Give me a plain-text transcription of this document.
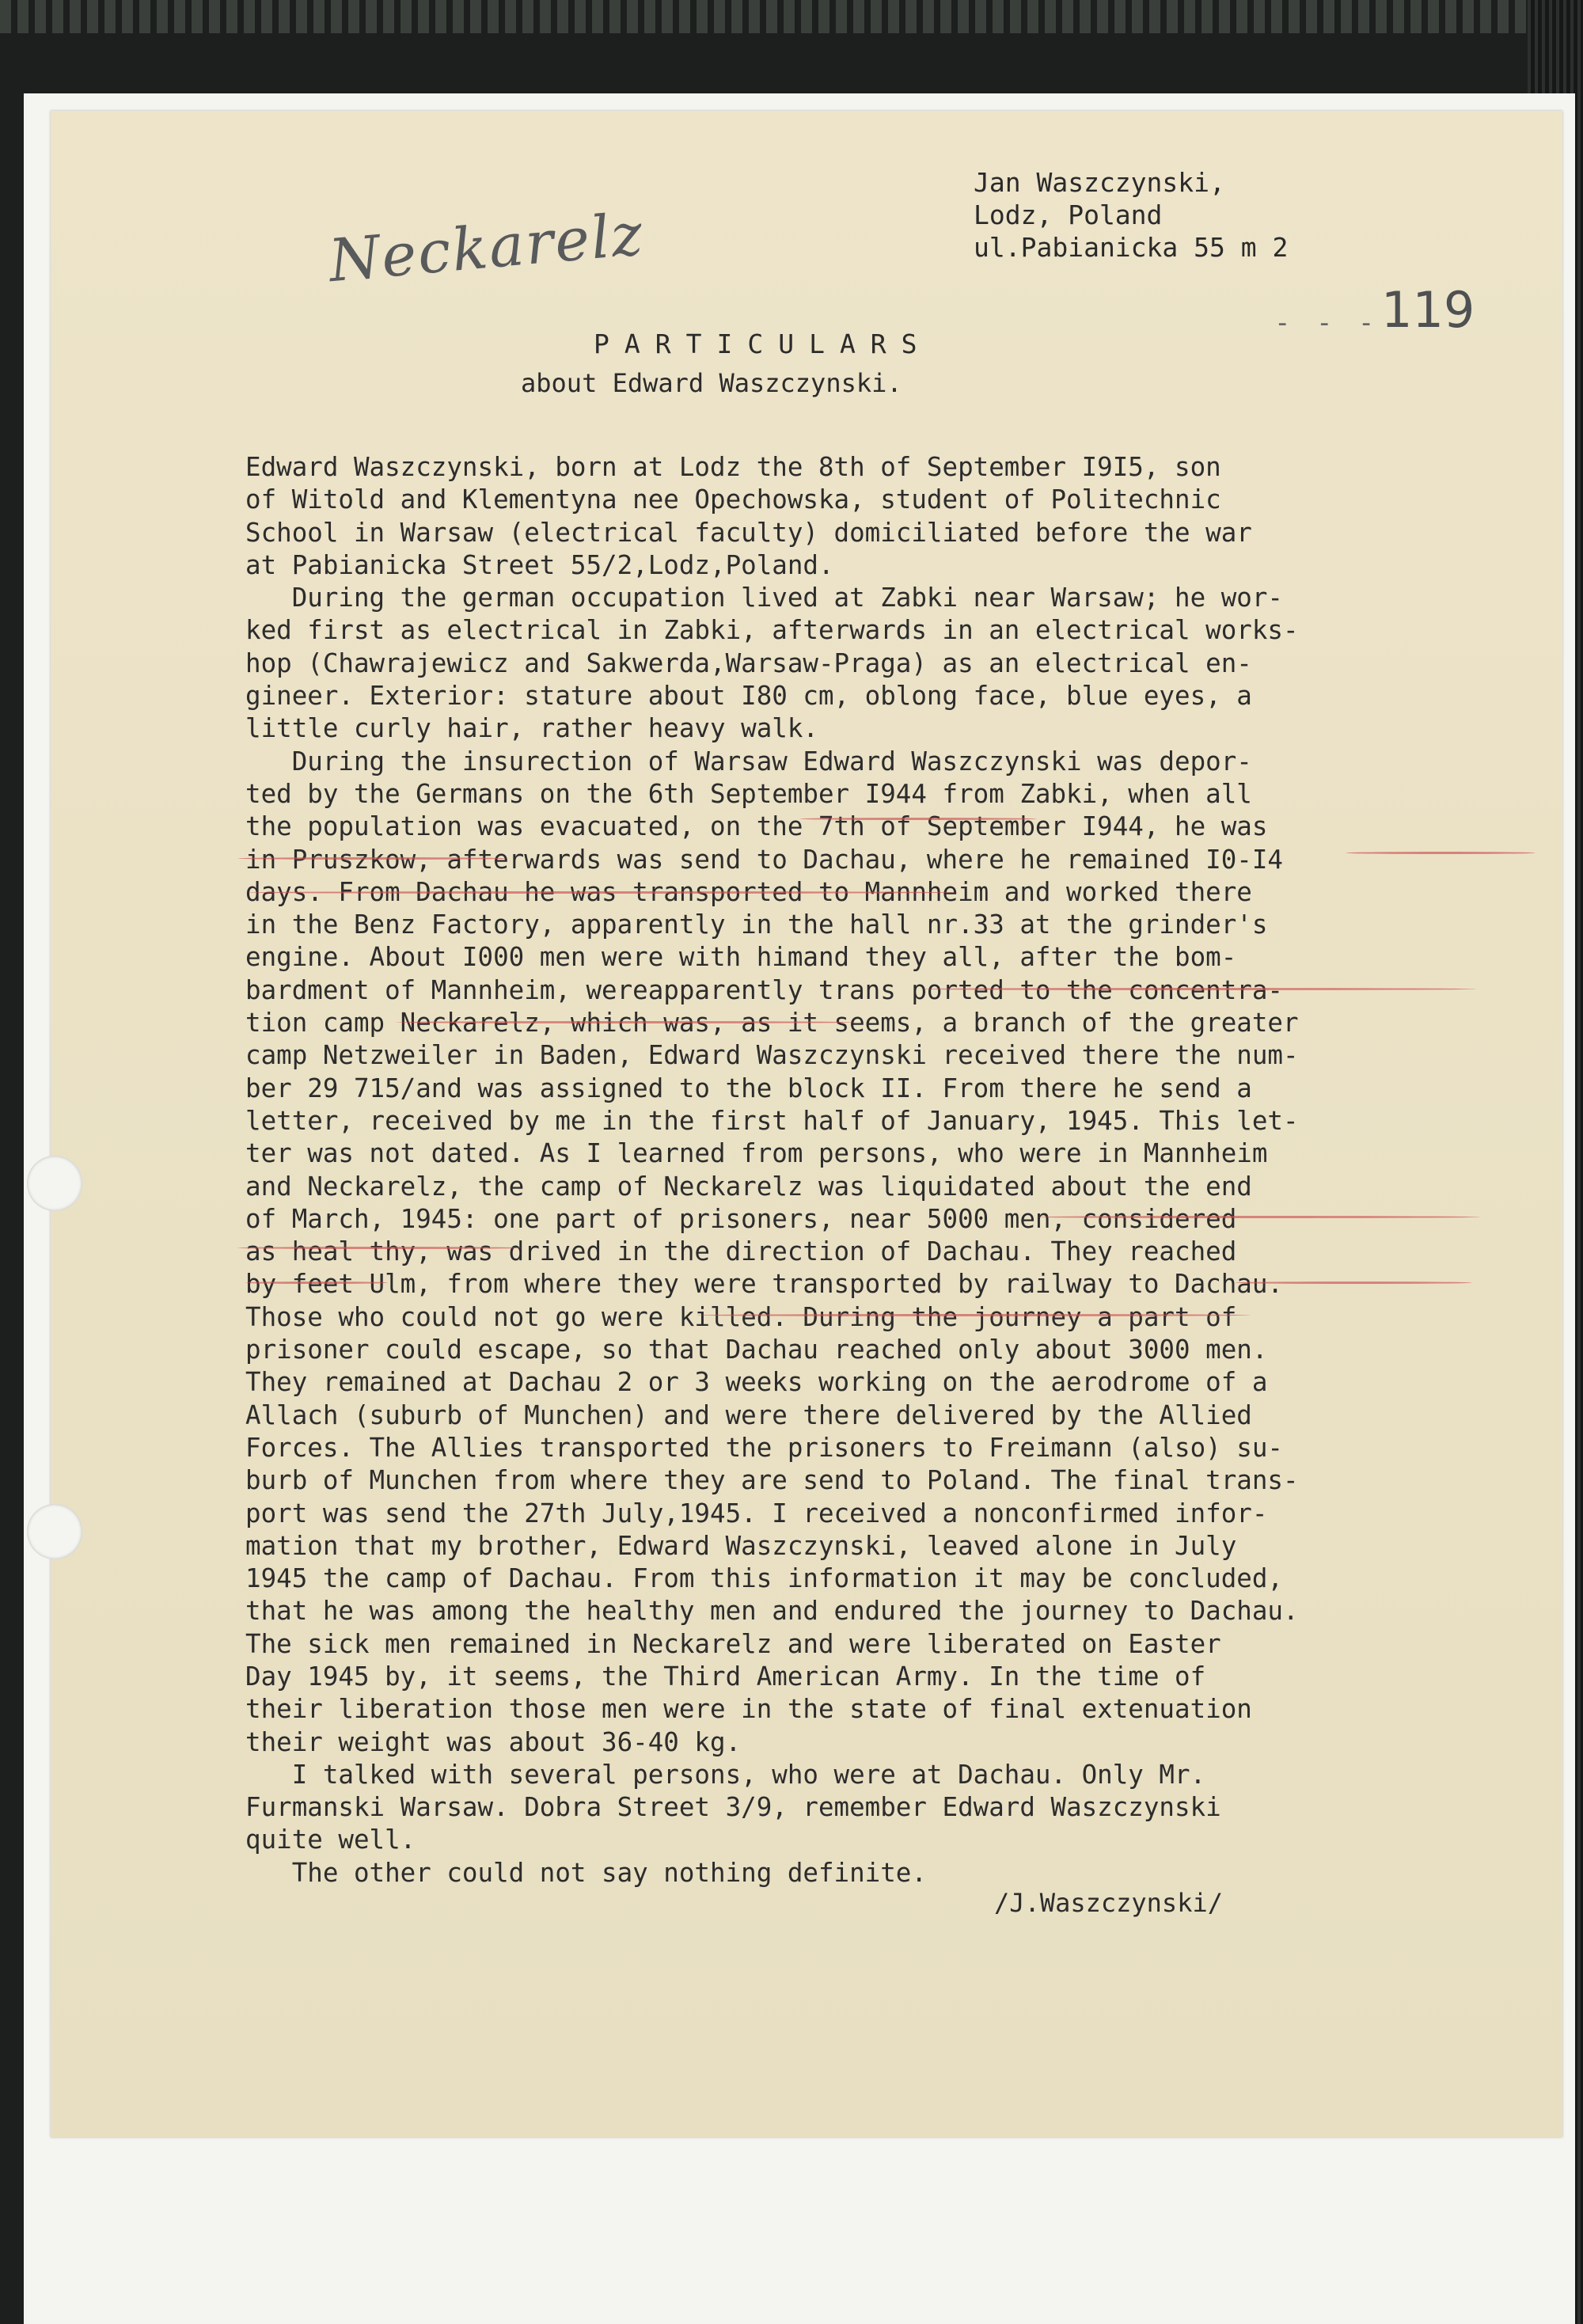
Jan Waszczynski,
Lodz, Poland
ul.Pabianicka 55 m 2
Neckarelz
- - - 119
PARTICULARS
about Edward Waszczynski.
Edward Waszczynski, born at Lodz the 8th of September I9I5, son
of Witold and Klementyna nee Opechowska, student of Politechnic
School in Warsaw (electrical faculty) domiciliated before the war
at Pabianicka Street 55/2,Lodz,Poland.
During the german occupation lived at Zabki near Warsaw; he wor-
ked first as electrical in Zabki, afterwards in an electrical works-
hop (Chawrajewicz and Sakwerda,Warsaw-Praga) as an electrical en-
gineer. Exterior: stature about I80 cm, oblong face, blue eyes, a
little curly hair, rather heavy walk.
During the insurection of Warsaw Edward Waszczynski was depor-
ted by the Germans on the 6th September I944 from Zabki, when all
the population was evacuated, on the 7th of September I944, he was
in Pruszkow, afterwards was send to Dachau, where he remained I0-I4
days. From Dachau he was transported to Mannheim and worked there
in the Benz Factory, apparently in the hall nr.33 at the grinder's
engine. About I000 men were with himand they all, after the bom-
bardment of Mannheim, wereapparently trans ported to the concentra-
tion camp Neckarelz, which was, as it seems, a branch of the greater
camp Netzweiler in Baden, Edward Waszczynski received there the num-
ber 29 715/and was assigned to the block II. From there he send a
letter, received by me in the first half of January, 1945. This let-
ter was not dated. As I learned from persons, who were in Mannheim
and Neckarelz, the camp of Neckarelz was liquidated about the end
of March, 1945: one part of prisoners, near 5000 men, considered
as heal thy, was drived in the direction of Dachau. They reached
by feet Ulm, from where they were transported by railway to Dachau.
Those who could not go were killed. During the journey a part of
prisoner could escape, so that Dachau reached only about 3000 men.
They remained at Dachau 2 or 3 weeks working on the aerodrome of a
Allach (suburb of Munchen) and were there delivered by the Allied
Forces. The Allies transported the prisoners to Freimann (also) su-
burb of Munchen from where they are send to Poland. The final trans-
port was send the 27th July,1945. I received a nonconfirmed infor-
mation that my brother, Edward Waszczynski, leaved alone in July
1945 the camp of Dachau. From this information it may be concluded,
that he was among the healthy men and endured the journey to Dachau.
The sick men remained in Neckarelz and were liberated on Easter
Day 1945 by, it seems, the Third American Army. In the time of
their liberation those men were in the state of final extenuation
their weight was about 36-40 kg.
I talked with several persons, who were at Dachau. Only Mr.
Furmanski Warsaw. Dobra Street 3/9, remember Edward Waszczynski
quite well.
The other could not say nothing definite.
/J.Waszczynski/
